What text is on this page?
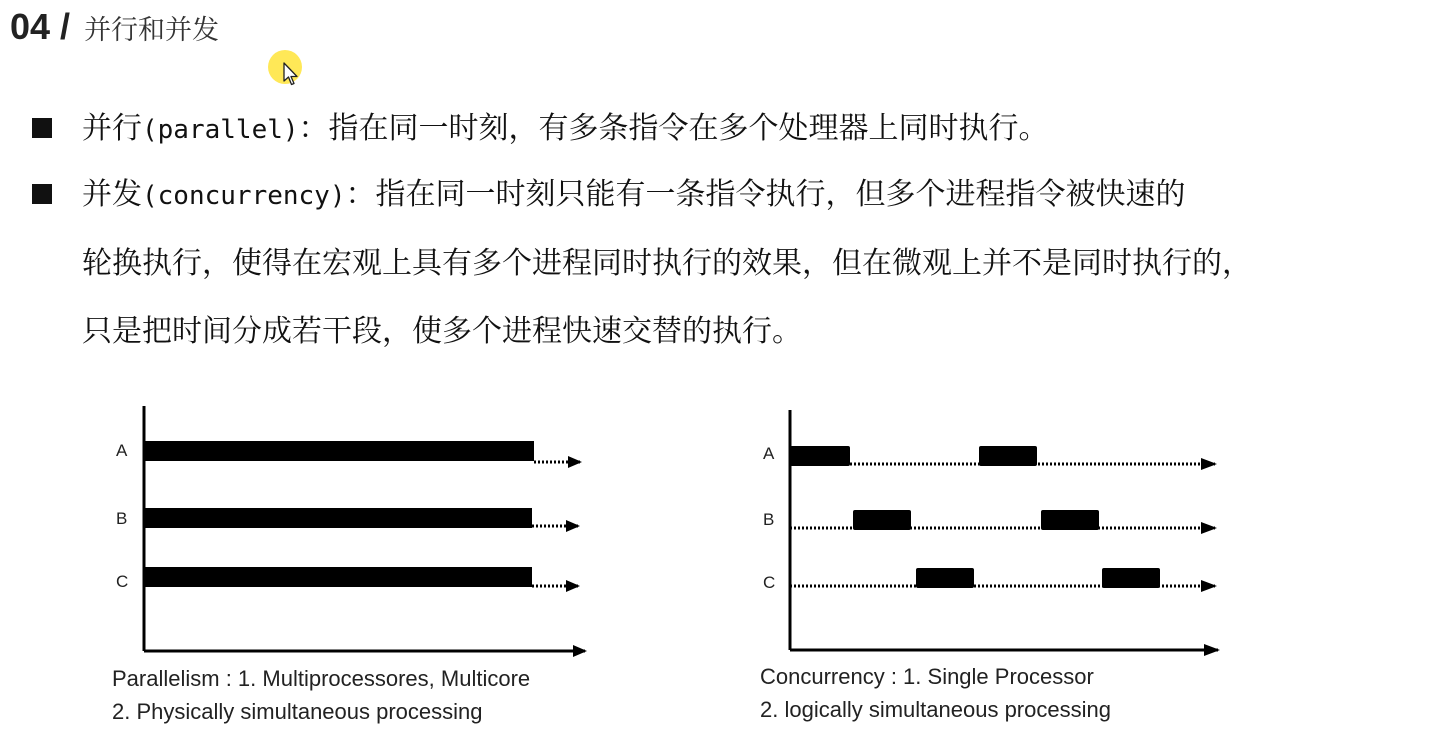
04 / 并行和并发
并行(parallel)：指在同一时刻，有多条指令在多个处理器上同时执行。
并发(concurrency)：指在同一时刻只能有一条指令执行，但多个进程指令被快速的
轮换执行，使得在宏观上具有多个进程同时执行的效果，但在微观上并不是同时执行的，
只是把时间分成若干段，使多个进程快速交替的执行。
A
B
C
Parallelism : 1. Multiprocessores, Multicore
2. Physically simultaneous processing
A
B
C
Concurrency : 1. Single Processor
2. logically simultaneous processing
